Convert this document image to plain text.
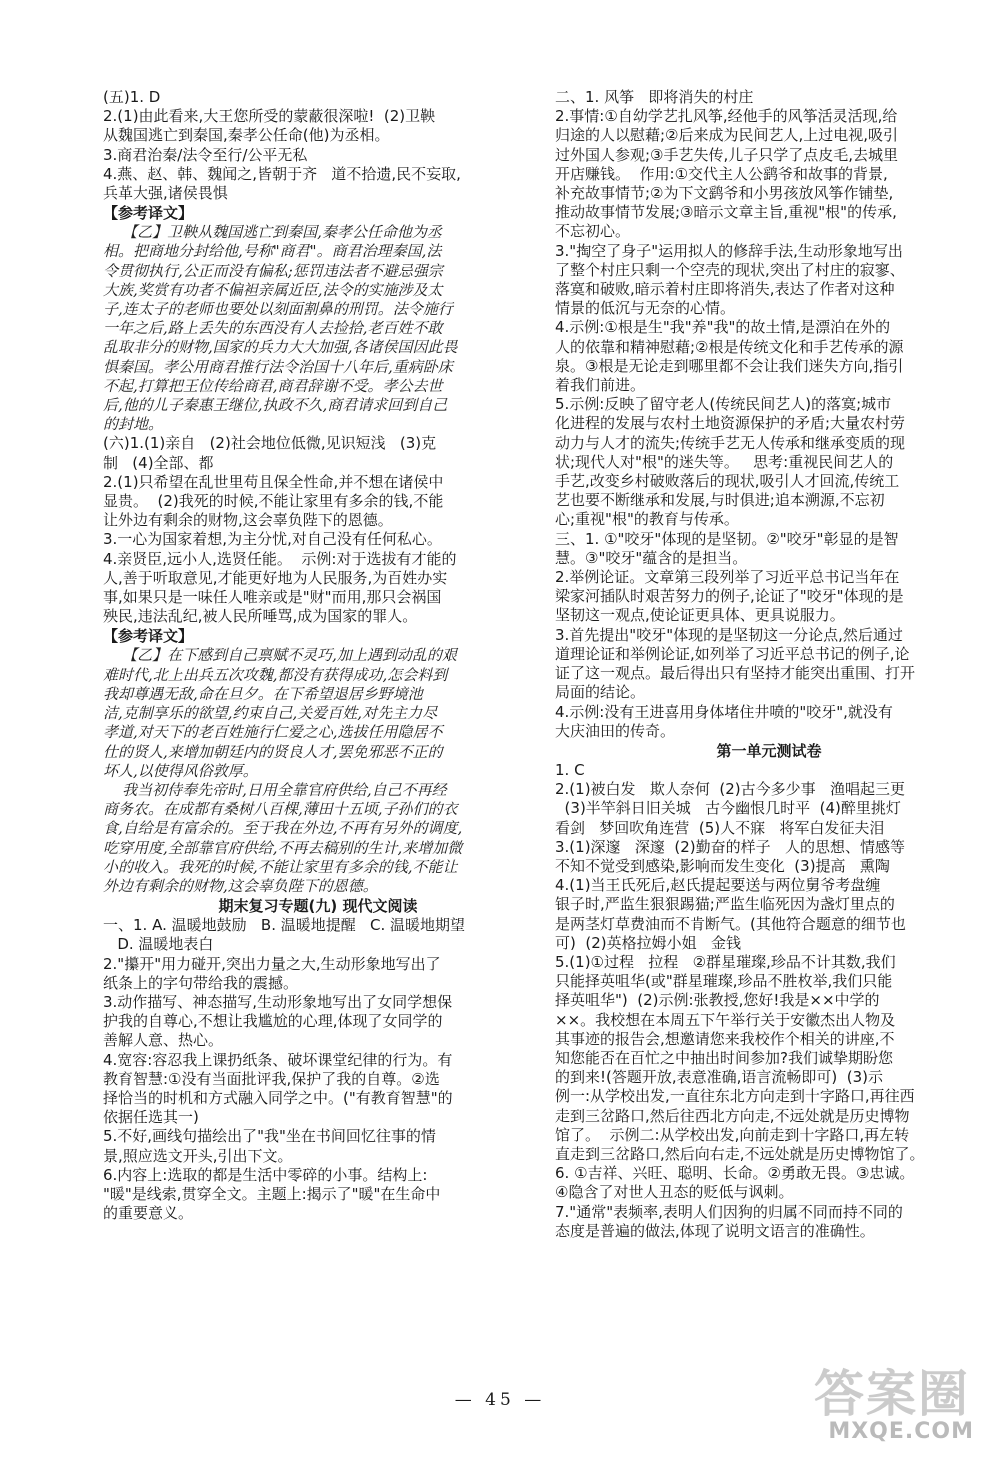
(五)1. D

2.(1)由此看来,大王您所受的蒙蔽很深啦!  (2)卫鞅

从魏国逃亡到秦国,秦孝公任命(他)为丞相。

3.商君治秦/法令至行/公平无私

4.燕、赵、韩、魏闻之,皆朝于齐   道不拾遗,民不妄取,

兵革大强,诸侯畏惧

【参考译文】

【乙】卫鞅从魏国逃亡到秦国,秦孝公任命他为丞

相。把商地分封给他,号称"商君"。商君治理秦国,法

令贯彻执行,公正而没有偏私;惩罚违法者不避忌强宗

大族,奖赏有功者不偏袒亲属近臣,法令的实施涉及太

子,连太子的老师也要处以刻面割鼻的刑罚。法令施行

一年之后,路上丢失的东西没有人去捡拾,老百姓不敢

乱取非分的财物,国家的兵力大大加强,各诸侯国因此畏

惧秦国。孝公用商君推行法令治国十八年后,重病卧床

不起,打算把王位传给商君,商君辞谢不受。孝公去世

后,他的儿子秦惠王继位,执政不久,商君请求回到自己

的封地。

(六)1.(1)亲自   (2)社会地位低微,见识短浅   (3)克

制   (4)全部、都

2.(1)只希望在乱世里苟且保全性命,并不想在诸侯中

显贵。  (2)我死的时候,不能让家里有多余的钱,不能

让外边有剩余的财物,这会辜负陛下的恩德。

3.一心为国家着想,为主分忧,对自己没有任何私心。

4.亲贤臣,远小人,选贤任能。  示例:对于选拔有才能的

人,善于听取意见,才能更好地为人民服务,为百姓办实

事,如果只是一味任人唯亲或是"财"而用,那只会祸国

殃民,违法乱纪,被人民所唾骂,成为国家的罪人。

【参考译文】

【乙】在下感到自己禀赋不灵巧,加上遇到动乱的艰

难时代,北上出兵五次攻魏,都没有获得成功,怎会料到

我却尊遇无敌,命在旦夕。在下希望退居乡野境池

洁,克制享乐的欲望,约束自己,关爱百姓,对先主力尽

孝道,对天下的老百姓施行仁爱之心,选拔任用隐居不

仕的贤人,来增加朝廷内的贤良人才,罢免邪恶不正的

坏人,以使得风俗敦厚。

我当初侍奉先帝时,日用全靠官府供给,自己不再经

商务农。在成都有桑树八百棵,薄田十五顷,子孙们的衣

食,自给是有富余的。至于我在外边,不再有另外的调度,

吃穿用度,全部靠官府供给,不再去稿别的生计,来增加微

小的收入。我死的时候,不能让家里有多余的钱,不能让

外边有剩余的财物,这会辜负陛下的恩德。

期末复习专题(九) 现代文阅读

一、1. A. 温暖地鼓励   B. 温暖地提醒   C. 温暖地期望

D. 温暖地表白

2."攥开"用力碰开,突出力量之大,生动形象地写出了

纸条上的字句带给我的震撼。

3.动作描写、神态描写,生动形象地写出了女同学想保

护我的自尊心,不想让我尴尬的心理,体现了女同学的

善解人意、热心。

4.宽容:容忍我上课扔纸条、破坏课堂纪律的行为。有

教育智慧:①没有当面批评我,保护了我的自尊。②选

择恰当的时机和方式融入同学之中。("有教育智慧"的

依据任选其一)

5.不好,画线句描绘出了"我"坐在书间回忆往事的情

景,照应选文开头,引出下文。

6.内容上:选取的都是生活中零碎的小事。结构上:

"暖"是线索,贯穿全文。主题上:揭示了"暖"在生命中

的重要意义。

二、1. 风筝   即将消失的村庄

2.事情:①自幼学艺扎风筝,经他手的风筝活灵活现,给

归途的人以慰藉;②后来成为民间艺人,上过电视,吸引

过外国人参观;③手艺失传,儿子只学了点皮毛,去城里

开店赚钱。  作用:①交代主人公鹞爷和故事的背景,

补充故事情节;②为下文鹞爷和小男孩放风筝作铺垫,

推动故事情节发展;③暗示文章主旨,重视"根"的传承,

不忘初心。

3."掏空了身子"运用拟人的修辞手法,生动形象地写出

了整个村庄只剩一个空壳的现状,突出了村庄的寂寥、

落寞和破败,暗示着村庄即将消失,表达了作者对这种

情景的低沉与无奈的心情。

4.示例:①根是生"我"养"我"的故土情,是漂泊在外的

人的依靠和精神慰藉;②根是传统文化和手艺传承的源

泉。③根是无论走到哪里都不会让我们迷失方向,指引

着我们前进。

5.示例:反映了留守老人(传统民间艺人)的落寞;城市

化进程的发展与农村土地资源保护的矛盾;大量农村劳

动力与人才的流失;传统手艺无人传承和继承变质的现

状;现代人对"根"的迷失等。   思考:重视民间艺人的

手艺,改变乡村破败落后的现状,吸引人才回流,传统工

艺也要不断继承和发展,与时俱进;追本溯源,不忘初

心;重视"根"的教育与传承。

三、1. ①"咬牙"体现的是坚韧。②"咬牙"彰显的是智

慧。③"咬牙"蕴含的是担当。

2.举例论证。文章第三段列举了习近平总书记当年在

梁家河插队时艰苦努力的例子,论证了"咬牙"体现的是

坚韧这一观点,使论证更具体、更具说服力。

3.首先提出"咬牙"体现的是坚韧这一分论点,然后通过

道理论证和举例论证,如列举了习近平总书记的例子,论

证了这一观点。最后得出只有坚持才能突出重围、打开

局面的结论。

4.示例:没有王进喜用身体堵住井喷的"咬牙",就没有

大庆油田的传奇。

第一单元测试卷

1. C

2.(1)被白发   欺人奈何  (2)古今多少事   渔唱起三更

(3)半竿斜日旧关城   古今幽恨几时平  (4)醉里挑灯

看剑   梦回吹角连营  (5)人不寐   将军白发征夫泪

3.(1)深邃   深邃  (2)勤奋的样子   人的思想、情感等

不知不觉受到感染,影响而发生变化  (3)提高   熏陶

4.(1)当王氏死后,赵氏提起要送与两位舅爷考盘缠

银子时,严监生狠狠踢猫;严监生临死因为盏灯里点的

是两茎灯草费油而不肯断气。(其他符合题意的细节也

可)  (2)英格拉姆小姐   金钱

5.(1)①过程   拉程   ②群星璀璨,珍品不计其数,我们

只能择英咀华(或"群星璀璨,珍品不胜枚举,我们只能

择英咀华")  (2)示例:张教授,您好!我是××中学的

××。我校想在本周五下午举行关于安徽杰出人物及

其事迹的报告会,想邀请您来我校作个相关的讲座,不

知您能否在百忙之中抽出时间参加?我们诚挚期盼您

的到来!(答题开放,表意准确,语言流畅即可)  (3)示

例一:从学校出发,一直往东北方向走到十字路口,再往西

走到三岔路口,然后往西北方向走,不远处就是历史博物

馆了。  示例二:从学校出发,向前走到十字路口,再左转

直走到三岔路口,然后向右走,不远处就是历史博物馆了。

6. ①吉祥、兴旺、聪明、长命。②勇敢无畏。③忠诚。

④隐含了对世人丑态的贬低与讽刺。

7."通常"表频率,表明人们因狗的归属不同而持不同的

态度是普遍的做法,体现了说明文语言的准确性。

— 45 —	答案圈
MXQE.COM
